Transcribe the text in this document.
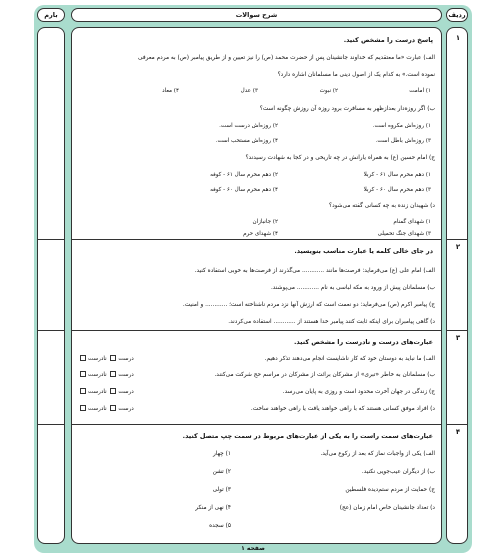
ردیف
شرح سوالات
بارم
۱
۲
۳
۴
پاسخ درست را مشخص کنید.
الف) عبارت «ما معتقدیم که خداوند جانشینان پس از حضرت محمد (ص) را نیز تعیین و از طریق پیامبر (ص) به مردم معرفی
نموده است.» به کدام یک از اصول دینی ما مسلمانان اشاره دارد؟
۱) امامت
۲) نبوت
۳) عدل
۴) معاد
ب) اگر روزه‌دار بعدازظهر به مسافرت برود روزه آن روزش چگونه است؟
۱) روزه‌اش مکروه است.
۲) روزه‌اش درست است.
۳) روزه‌اش باطل است.
۴) روزه‌اش مستحب است.
ج) امام حسین (ع) به همراه یارانش در چه تاریخی و در کجا به شهادت رسیدند؟
۱) دهم محرم سال ۶۱ - کربلا
۲) دهم محرم سال ۶۱ - کوفه
۳) دهم محرم سال ۶۰ - کربلا
۴) دهم محرم سال ۶۰ - کوفه
د) شهیدان زنده به چه کسانی گفته می‌شود؟
۱) شهدای گمنام
۲) جانبازان
۳) شهدای جنگ تحمیلی
۴) شهدای حرم
در جای خالی کلمه یا عبارت مناسب بنویسید.
الف) امام علی (ع) می‌فرماید: فرصت‌ها مانند ............ می‌گذرند از فرصت‌ها به خوبی استفاده کنید.
ب) مسلمانان پیش از ورود به مکه لباسی به نام ............ می‌پوشند.
ج) پیامبر اکرم (ص) می‌فرماید: دو نعمت است که ارزش آنها نزد مردم ناشناخته است؛ ............ و امنیت.
د) گاهی پیامبران برای اینکه ثابت کنند پیامبر خدا هستند از ............ استفاده می‌کردند.
عبارت‌های درست و نادرست را مشخص کنید.
الف) ما نباید به دوستان خود که کار ناشایست انجام می‌دهند تذکر دهیم.
درست نادرست
ب) مسلمانان به خاطر «تبری» از مشرکان برائت از مشرکان در مراسم حج شرکت می‌کنند.
درست نادرست
ج) زندگی در جهان آخرت محدود است و روزی به پایان می‌رسد.
درست نادرست
د) افراد موفق کسانی هستند که با راهی خواهند یافت یا راهی خواهند ساخت.
درست نادرست
عبارت‌های سمت راست را به یکی از عبارت‌های مربوط در سمت چپ متصل کنید.
الف) یکی از واجبات نماز که بعد از رکوع می‌آید.
ب) از دیگران عیب‌جویی نکنید.
ج) حمایت از مردم ستم‌دیده فلسطین
د) تعداد جانشینان خاص امام زمان (عج)
۱) چهار
۲) تشن
۳) تولی
۴) نهی از منکر
۵) سجده
صفحه ۱
